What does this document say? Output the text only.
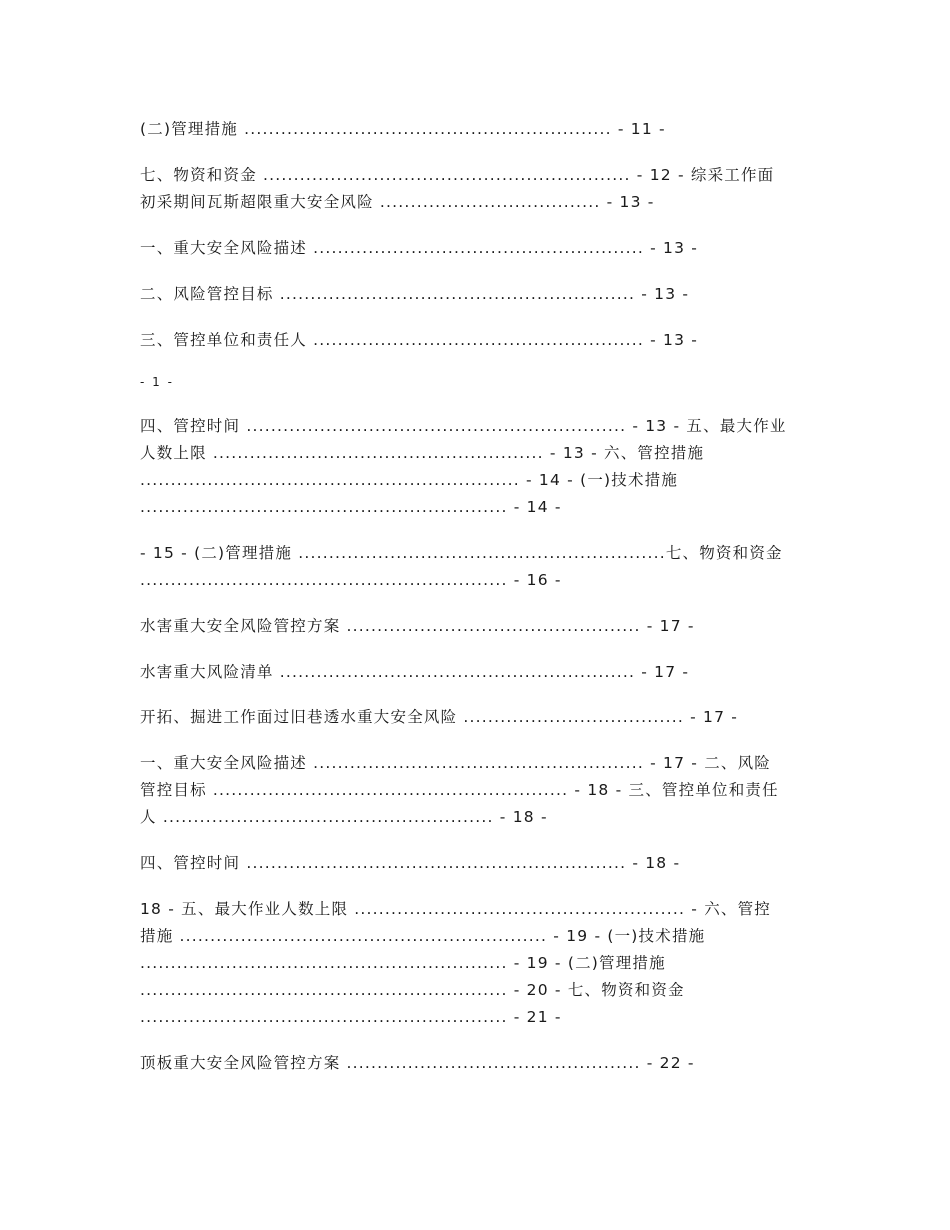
(二)管理措施 ............................................................ - 11 -
七、物资和资金 ............................................................ - 12 - 综采工作面
初采期间瓦斯超限重大安全风险 .................................... - 13 -
一、重大安全风险描述 ...................................................... - 13 -
二、风险管控目标 .......................................................... - 13 -
三、管控单位和责任人 ...................................................... - 13 -
- 1 -
四、管控时间 .............................................................. - 13 - 五、最大作业
人数上限 ...................................................... - 13 - 六、管控措施
.............................................................. - 14 - (一)技术措施
............................................................ - 14 -
- 15 - (二)管理措施 ............................................................七、物资和资金
............................................................ - 16 -
水害重大安全风险管控方案 ................................................ - 17 -
水害重大风险清单 .......................................................... - 17 -
开拓、掘进工作面过旧巷透水重大安全风险 .................................... - 17 -
一、重大安全风险描述 ...................................................... - 17 - 二、风险
管控目标 .......................................................... - 18 - 三、管控单位和责任
人 ...................................................... - 18 -
四、管控时间 .............................................................. - 18 -
18 - 五、最大作业人数上限 ...................................................... - 六、管控
措施 ............................................................ - 19 - (一)技术措施
............................................................ - 19 - (二)管理措施
............................................................ - 20 - 七、物资和资金
............................................................ - 21 -
顶板重大安全风险管控方案 ................................................ - 22 -
